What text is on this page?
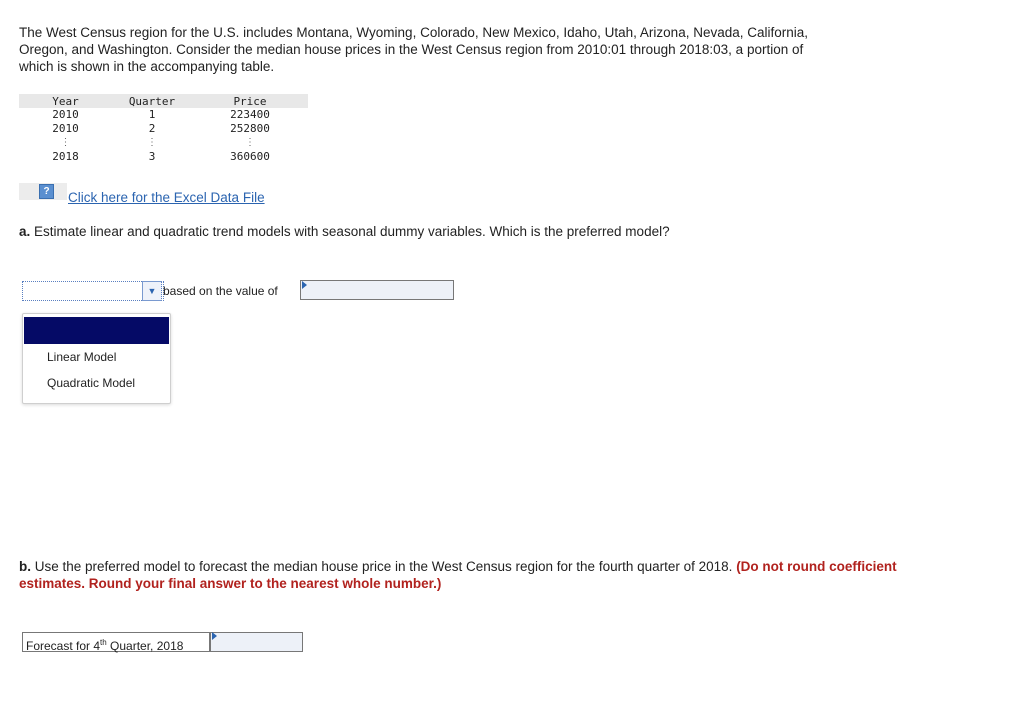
The West Census region for the U.S. includes Montana, Wyoming, Colorado, New Mexico, Idaho, Utah, Arizona, Nevada, California,
Oregon, and Washington. Consider the median house prices in the West Census region from 2010:01 through 2018:03, a portion of
which is shown in the accompanying table.
Year	Quarter	Price
2010	1	223400
2010	2	252800
⋮	⋮	⋮
2018	3	360600
?	Click here for the Excel Data File
a. Estimate linear and quadratic trend models with seasonal dummy variables. Which is the preferred model?
▼ based on the value of
Linear Model
Quadratic Model
b. Use the preferred model to forecast the median house price in the West Census region for the fourth quarter of 2018. (Do not round coefficient estimates. Round your final answer to the nearest whole number.)
Forecast for 4th Quarter, 2018
